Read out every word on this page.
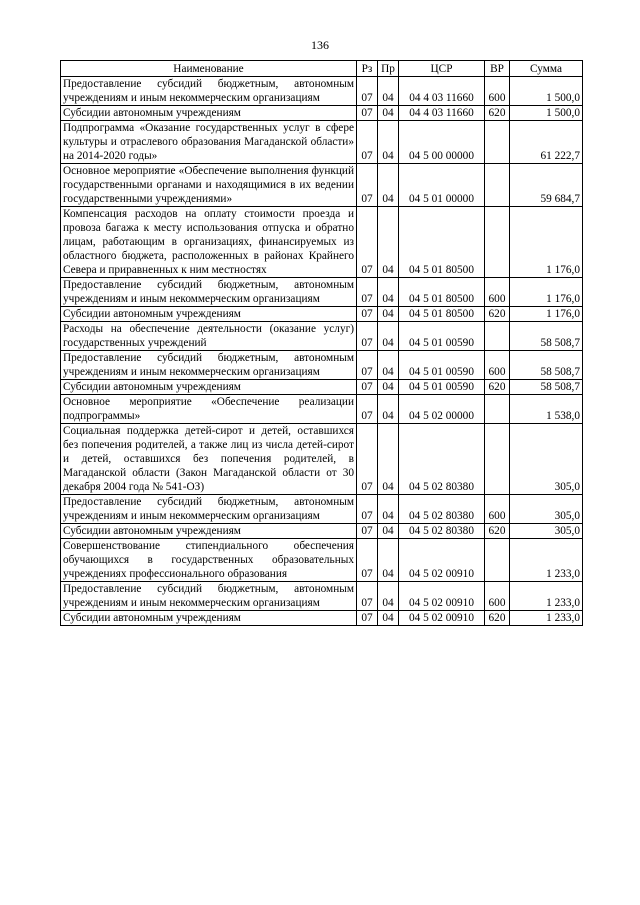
136
Наименование	Рз	Пр	ЦСР	ВР	Сумма
Предоставление субсидий бюджетным, автономным учреждениям и иным некоммерческим организациям	07	04	04 4 03 11660	600	1 500,0
Субсидии автономным учреждениям	07	04	04 4 03 11660	620	1 500,0
Подпрограмма «Оказание государственных услуг в сфере культуры и отраслевого образования Магаданской области» на 2014-2020 годы»	07	04	04 5 00 00000		61 222,7
Основное мероприятие «Обеспечение выполнения функций государственными органами и находящимися в их ведении государственными учреждениями»	07	04	04 5 01 00000		59 684,7
Компенсация расходов на оплату стоимости проезда и провоза багажа к месту использования отпуска и обратно лицам, работающим в организациях, финансируемых из областного бюджета, расположенных в районах Крайнего Севера и приравненных к ним местностях	07	04	04 5 01 80500		1 176,0
Предоставление субсидий бюджетным, автономным учреждениям и иным некоммерческим организациям	07	04	04 5 01 80500	600	1 176,0
Субсидии автономным учреждениям	07	04	04 5 01 80500	620	1 176,0
Расходы на обеспечение деятельности (оказание услуг) государственных учреждений	07	04	04 5 01 00590		58 508,7
Предоставление субсидий бюджетным, автономным учреждениям и иным некоммерческим организациям	07	04	04 5 01 00590	600	58 508,7
Субсидии автономным учреждениям	07	04	04 5 01 00590	620	58 508,7
Основное мероприятие «Обеспечение реализации подпрограммы»	07	04	04 5 02 00000		1 538,0
Социальная поддержка детей-сирот и детей, оставшихся без попечения родителей, а также лиц из числа детей-сирот и детей, оставшихся без попечения родителей, в Магаданской области (Закон Магаданской области от 30 декабря 2004 года № 541-ОЗ)	07	04	04 5 02 80380		305,0
Предоставление субсидий бюджетным, автономным учреждениям и иным некоммерческим организациям	07	04	04 5 02 80380	600	305,0
Субсидии автономным учреждениям	07	04	04 5 02 80380	620	305,0
Совершенствование стипендиального обеспечения обучающихся в государственных образовательных учреждениях профессионального образования	07	04	04 5 02 00910		1 233,0
Предоставление субсидий бюджетным, автономным учреждениям и иным некоммерческим организациям	07	04	04 5 02 00910	600	1 233,0
Субсидии автономным учреждениям	07	04	04 5 02 00910	620	1 233,0
